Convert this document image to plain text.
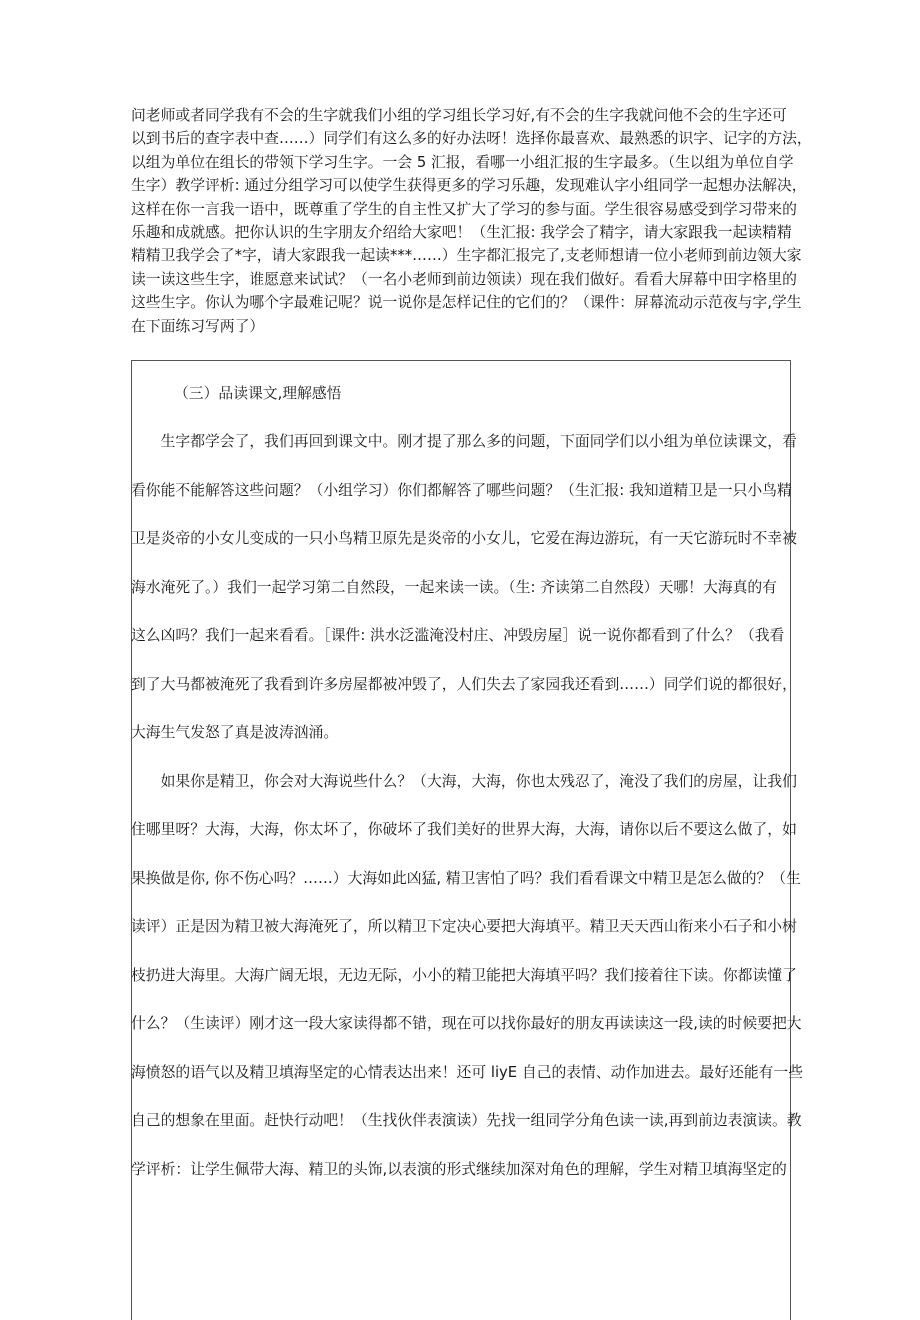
问老师或者同学我有不会的生字就我们小组的学习组长学习好,有不会的生字我就问他不会的生字还可
以到书后的查字表中查……）同学们有这么多的好办法呀！选择你最喜欢、最熟悉的识字、记字的方法，
以组为单位在组长的带领下学习生字。一会 5 汇报，看哪一小组汇报的生字最多。（生以组为单位自学
生字）教学评析: 通过分组学习可以使学生获得更多的学习乐趣，发现难认字小组同学一起想办法解决，
这样在你一言我一语中，既尊重了学生的自主性又扩大了学习的参与面。学生很容易感受到学习带来的
乐趣和成就感。把你认识的生字朋友介绍给大家吧！（生汇报: 我学会了精字，请大家跟我一起读精精
精精卫我学会了*字，请大家跟我一起读***……）生字都汇报完了,支老师想请一位小老师到前边领大家
读一读这些生字，谁愿意来试试？（一名小老师到前边领读）现在我们做好。看看大屏幕中田字格里的
这些生字。你认为哪个字最难记呢？说一说你是怎样记住的它们的？（课件：屏幕流动示范夜与字,学生
在下面练习写两了）
（三）品读课文,理解感悟
　　生字都学会了，我们再回到课文中。刚才提了那么多的问题，下面同学们以小组为单位读课文，看
看你能不能解答这些问题？（小组学习）你们都解答了哪些问题？（生汇报: 我知道精卫是一只小鸟精
卫是炎帝的小女儿变成的一只小鸟精卫原先是炎帝的小女儿，它爱在海边游玩，有一天它游玩时不幸被
海水淹死了。）我们一起学习第二自然段，一起来读一读。（生: 齐读第二自然段）天哪！大海真的有
这么凶吗？我们一起来看看。［课件: 洪水泛滥淹没村庄、冲毁房屋］说一说你都看到了什么？（我看
到了大马都被淹死了我看到许多房屋都被冲毁了，人们失去了家园我还看到……）同学们说的都很好，
大海生气发怒了真是波涛汹涌。
　　如果你是精卫，你会对大海说些什么？（大海，大海，你也太残忍了，淹没了我们的房屋，让我们
住哪里呀？大海，大海，你太坏了，你破坏了我们美好的世界大海，大海，请你以后不要这么做了，如
果换做是你, 你不伤心吗？……）大海如此凶猛, 精卫害怕了吗？我们看看课文中精卫是怎么做的？（生
读评）正是因为精卫被大海淹死了，所以精卫下定决心要把大海填平。精卫天天西山衔来小石子和小树
枝扔进大海里。大海广阔无垠，无边无际，小小的精卫能把大海填平吗？我们接着往下读。你都读懂了
什么？（生读评）刚才这一段大家读得都不错，现在可以找你最好的朋友再读读这一段,读的时候要把大
海愤怒的语气以及精卫填海坚定的心情表达出来！还可 liyE 自己的表情、动作加进去。最好还能有一些
自己的想象在里面。赶快行动吧！（生找伙伴表演读）先找一组同学分角色读一读,再到前边表演读。教
学评析：让学生佩带大海、精卫的头饰,以表演的形式继续加深对角色的理解，学生对精卫填海坚定的
